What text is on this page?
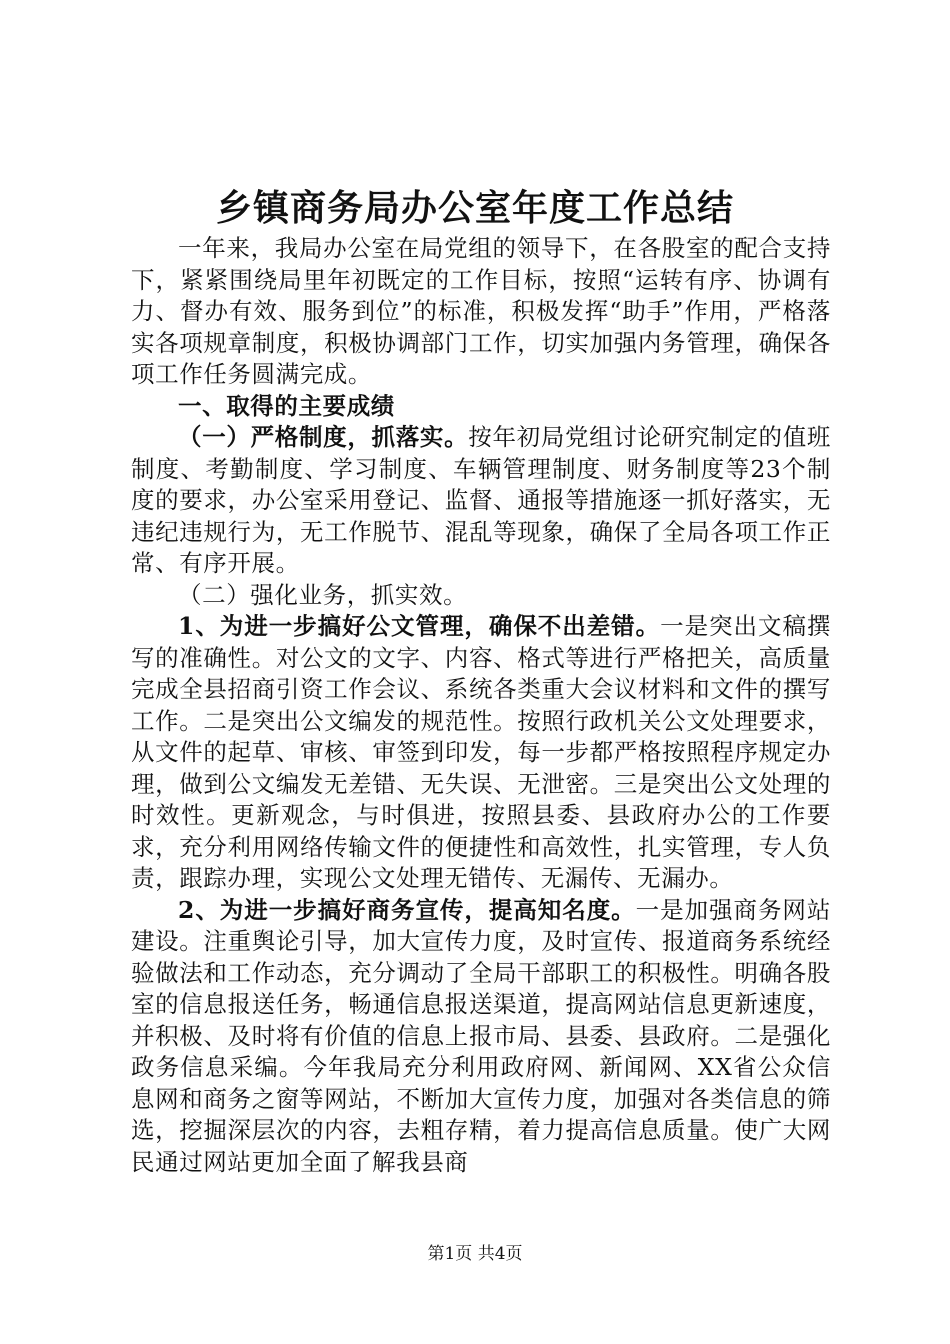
乡镇商务局办公室年度工作总结

一年来，我局办公室在局党组的领导下，在各股室的配合支持下，紧紧围绕局里年初既定的工作目标，按照“运转有序、协调有力、督办有效、服务到位”的标准，积极发挥“助手”作用，严格落实各项规章制度，积极协调部门工作，切实加强内务管理，确保各项工作任务圆满完成。

一、取得的主要成绩

（一）严格制度，抓落实。按年初局党组讨论研究制定的值班制度、考勤制度、学习制度、车辆管理制度、财务制度等23个制度的要求，办公室采用登记、监督、通报等措施逐一抓好落实，无违纪违规行为，无工作脱节、混乱等现象，确保了全局各项工作正常、有序开展。

（二）强化业务，抓实效。

1、为进一步搞好公文管理，确保不出差错。一是突出文稿撰写的准确性。对公文的文字、内容、格式等进行严格把关，高质量完成全县招商引资工作会议、系统各类重大会议材料和文件的撰写工作。二是突出公文编发的规范性。按照行政机关公文处理要求，从文件的起草、审核、审签到印发，每一步都严格按照程序规定办理，做到公文编发无差错、无失误、无泄密。三是突出公文处理的时效性。更新观念，与时俱进，按照县委、县政府办公的工作要求，充分利用网络传输文件的便捷性和高效性，扎实管理，专人负责，跟踪办理，实现公文处理无错传、无漏传、无漏办。

2、为进一步搞好商务宣传，提高知名度。一是加强商务网站建设。注重舆论引导，加大宣传力度，及时宣传、报道商务系统经验做法和工作动态，充分调动了全局干部职工的积极性。明确各股室的信息报送任务，畅通信息报送渠道，提高网站信息更新速度，并积极、及时将有价值的信息上报市局、县委、县政府。二是强化政务信息采编。今年我局充分利用政府网、新闻网、XX省公众信息网和商务之窗等网站，不断加大宣传力度，加强对各类信息的筛选，挖掘深层次的内容，去粗存精，着力提高信息质量。使广大网民通过网站更加全面了解我县商

第1页 共4页
